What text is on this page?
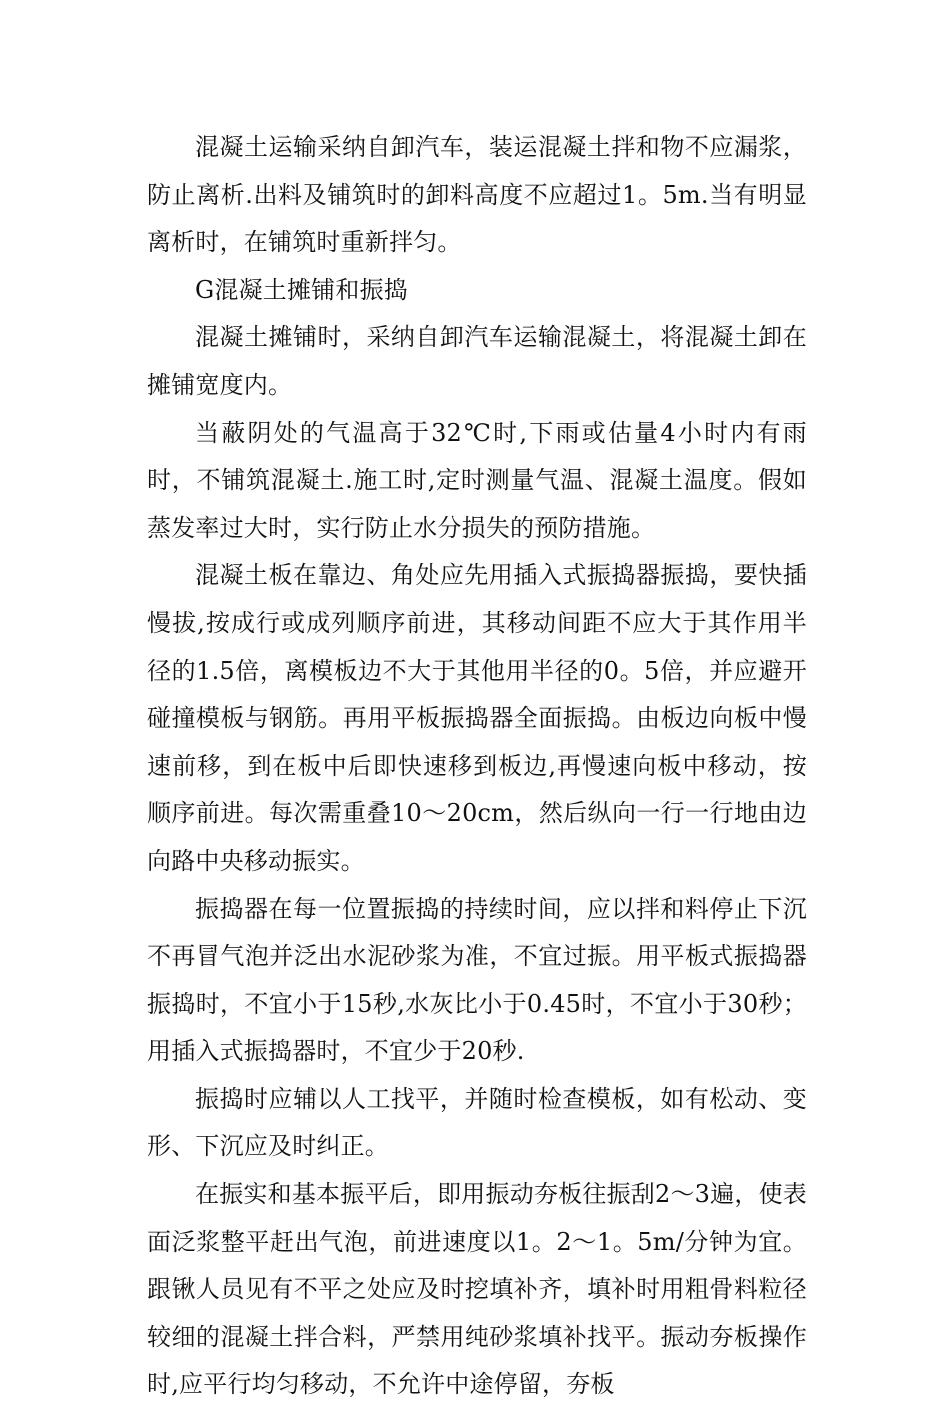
混凝土运输采纳自卸汽车，装运混凝土拌和物不应漏浆，防止离析.出料及铺筑时的卸料高度不应超过1。5m.当有明显离析时，在铺筑时重新拌匀。

G混凝土摊铺和振捣

混凝土摊铺时，采纳自卸汽车运输混凝土，将混凝土卸在摊铺宽度内。

当蔽阴处的气温高于32℃时,下雨或估量4小时内有雨时，不铺筑混凝土.施工时,定时测量气温、混凝土温度。假如蒸发率过大时，实行防止水分损失的预防措施。

混凝土板在靠边、角处应先用插入式振捣器振捣，要快插慢拔,按成行或成列顺序前进，其移动间距不应大于其作用半径的1.5倍，离模板边不大于其他用半径的0。5倍，并应避开碰撞模板与钢筋。再用平板振捣器全面振捣。由板边向板中慢速前移，到在板中后即快速移到板边,再慢速向板中移动，按顺序前进。每次需重叠10～20cm，然后纵向一行一行地由边向路中央移动振实。

振捣器在每一位置振捣的持续时间，应以拌和料停止下沉不再冒气泡并泛出水泥砂浆为准，不宜过振。用平板式振捣器振捣时，不宜小于15秒,水灰比小于0.45时，不宜小于30秒；用插入式振捣器时，不宜少于20秒.

振捣时应辅以人工找平，并随时检查模板，如有松动、变形、下沉应及时纠正。

在振实和基本振平后，即用振动夯板往振刮2～3遍，使表面泛浆整平赶出气泡，前进速度以1。2～1。5m/分钟为宜。跟锹人员见有不平之处应及时挖填补齐，填补时用粗骨料粒径较细的混凝土拌合料，严禁用纯砂浆填补找平。振动夯板操作时,应平行均匀移动，不允许中途停留，夯板
